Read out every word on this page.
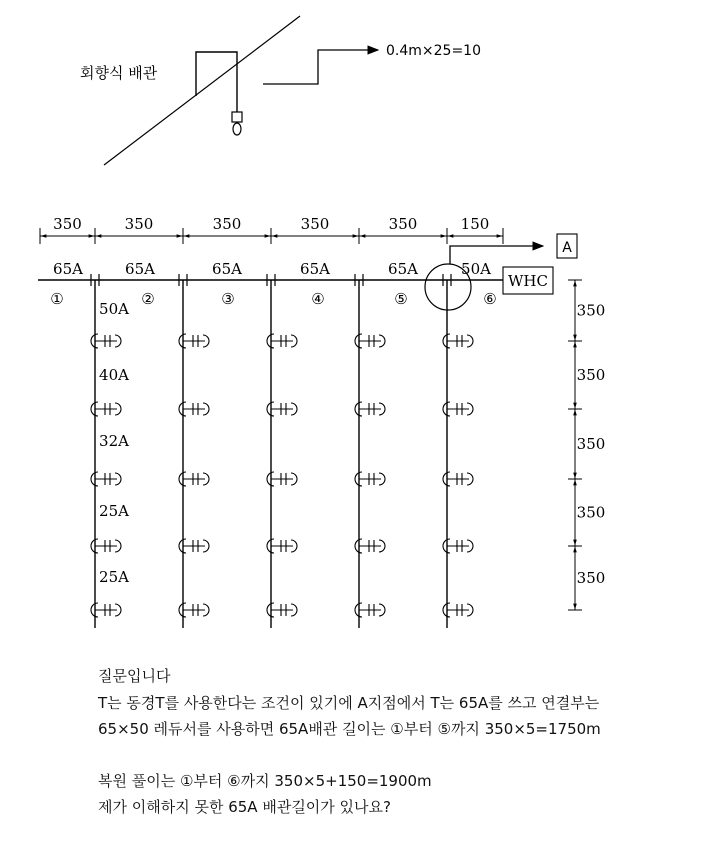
회향식 배관
0.4m×25=10
350	350	350	350	350	150
65A	65A	65A	65A	65A	50A
①	②	③	④	⑤	⑥
50A
40A
32A
25A
25A
A
WHC
350
350
350
350
350
질문입니다
T는 동경T를 사용한다는 조건이 있기에 A지점에서 T는 65A를 쓰고 연결부는
65×50 레듀서를 사용하면 65A배관 길이는 ①부터 ⑤까지 350×5=1750m
복원 풀이는 ①부터 ⑥까지 350×5+150=1900m
제가 이해하지 못한 65A 배관길이가 있나요?
